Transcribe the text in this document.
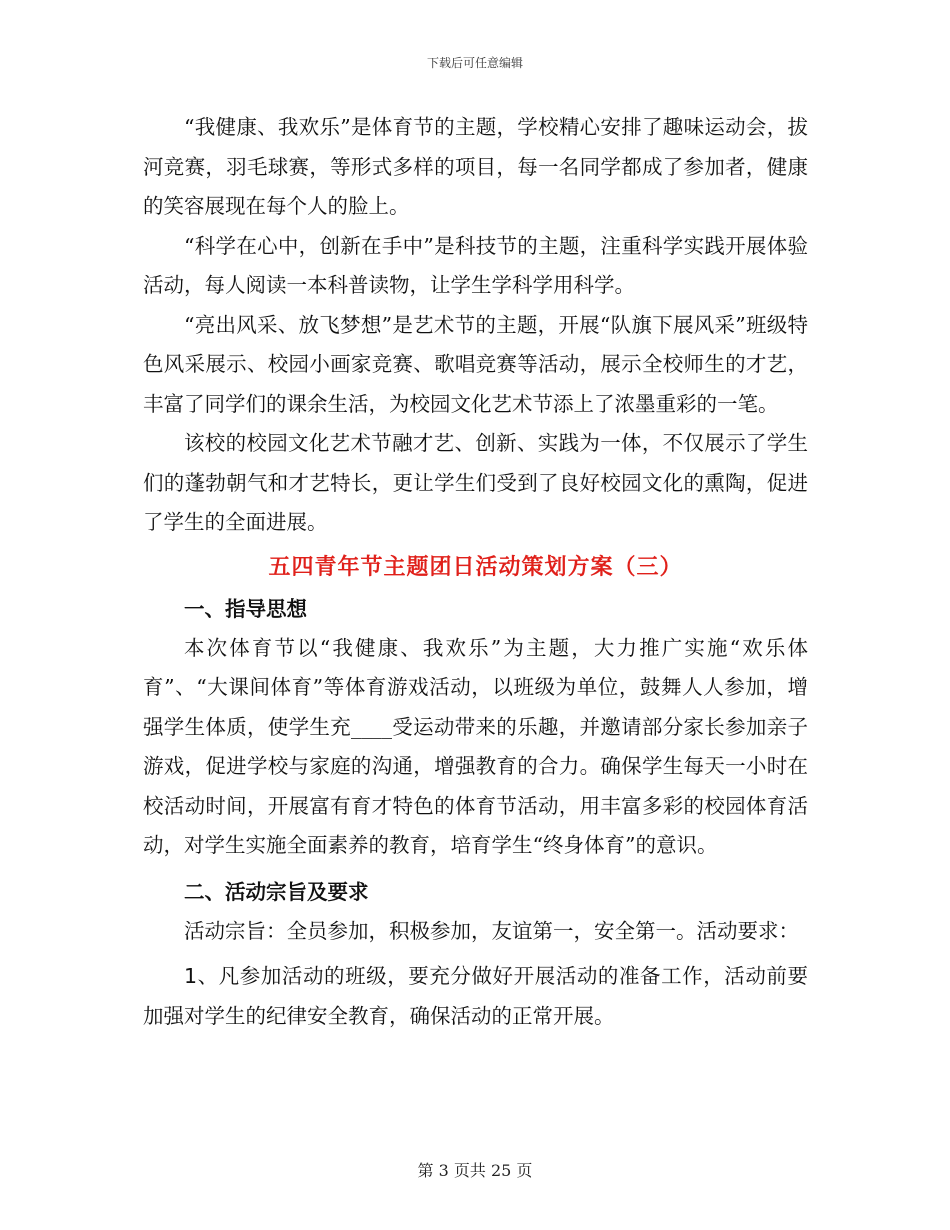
下载后可任意编辑

“我健康、我欢乐”是体育节的主题，学校精心安排了趣味运动会，拔河竞赛，羽毛球赛，等形式多样的项目，每一名同学都成了参加者，健康的笑容展现在每个人的脸上。

“科学在心中，创新在手中”是科技节的主题，注重科学实践开展体验活动，每人阅读一本科普读物，让学生学科学用科学。

“亮出风采、放飞梦想”是艺术节的主题，开展“队旗下展风采”班级特色风采展示、校园小画家竞赛、歌唱竞赛等活动，展示全校师生的才艺，丰富了同学们的课余生活，为校园文化艺术节添上了浓墨重彩的一笔。

该校的校园文化艺术节融才艺、创新、实践为一体，不仅展示了学生们的蓬勃朝气和才艺特长，更让学生们受到了良好校园文化的熏陶，促进了学生的全面进展。

五四青年节主题团日活动策划方案（三）
一、指导思想

本次体育节以“我健康、我欢乐”为主题，大力推广实施“欢乐体育”、“大课间体育”等体育游戏活动，以班级为单位，鼓舞人人参加，增强学生体质，使学生充____受运动带来的乐趣，并邀请部分家长参加亲子游戏，促进学校与家庭的沟通，增强教育的合力。确保学生每天一小时在校活动时间，开展富有育才特色的体育节活动，用丰富多彩的校园体育活动，对学生实施全面素养的教育，培育学生“终身体育”的意识。

二、活动宗旨及要求

活动宗旨：全员参加，积极参加，友谊第一，安全第一。活动要求：

1、凡参加活动的班级，要充分做好开展活动的准备工作，活动前要加强对学生的纪律安全教育，确保活动的正常开展。

第 3 页共 25 页
